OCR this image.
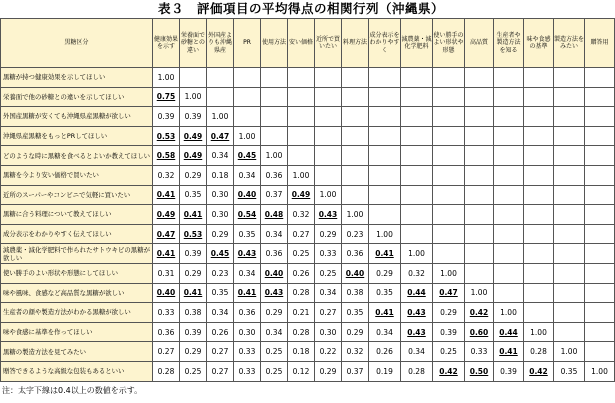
表３　評価項目の平均得点の相関行列（沖縄県）
黒糖区分	健康効果を示す	栄養面で砂糖との違い	外国産よりも沖縄県産	PR	使用方法	安い価格	近所で買いたい	料理方法	成分表示をわかりやすく	減農薬・減化学肥料	使い勝手のよい形状や形態	高品質	生産者や製造方法を知る	味や食感の基準	製造方法をみたい	贈答用
黒糖が持つ健康効果を示してほしい	1.00															
栄養面で他の砂糖との違いを示してほしい	0.75	1.00														
外国産黒糖が安くても沖縄県産黒糖が欲しい	0.39	0.39	1.00													
沖縄県産黒糖をもっとPRしてほしい	0.53	0.49	0.47	1.00												
どのような時に黒糖を食べるとよいか教えてほしい	0.58	0.49	0.34	0.45	1.00											
黒糖を今より安い価格で買いたい	0.32	0.29	0.18	0.34	0.36	1.00										
近所のスーパーやコンビニで気軽に買いたい	0.41	0.35	0.30	0.40	0.37	0.49	1.00									
黒糖に合う料理について教えてほしい	0.49	0.41	0.30	0.54	0.48	0.32	0.43	1.00								
成分表示をわかりやすく伝えてほしい	0.47	0.53	0.29	0.35	0.34	0.27	0.29	0.23	1.00							
減農薬・減化学肥料で作られたサトウキビの黒糖が欲しい	0.41	0.39	0.45	0.43	0.36	0.25	0.33	0.36	0.41	1.00						
使い勝手のよい形状や形態にしてほしい	0.31	0.29	0.23	0.34	0.40	0.26	0.25	0.40	0.29	0.32	1.00					
味や風味、食感など高品質な黒糖が欲しい	0.40	0.41	0.35	0.41	0.43	0.28	0.34	0.38	0.35	0.44	0.47	1.00				
生産者の顔や製造方法がわかる黒糖が欲しい	0.33	0.38	0.34	0.36	0.29	0.21	0.27	0.35	0.41	0.43	0.29	0.42	1.00			
味や食感に基準を作ってほしい	0.36	0.39	0.26	0.30	0.34	0.28	0.30	0.29	0.34	0.43	0.39	0.60	0.44	1.00		
黒糖の製造方法を見てみたい	0.27	0.29	0.27	0.33	0.25	0.18	0.22	0.32	0.26	0.34	0.25	0.33	0.41	0.28	1.00	
贈答できるような高級な包装もあるといい	0.28	0.25	0.27	0.33	0.25	0.12	0.29	0.37	0.19	0.28	0.42	0.50	0.39	0.42	0.35	1.00
注：太字下線は0.4以上の数値を示す。
